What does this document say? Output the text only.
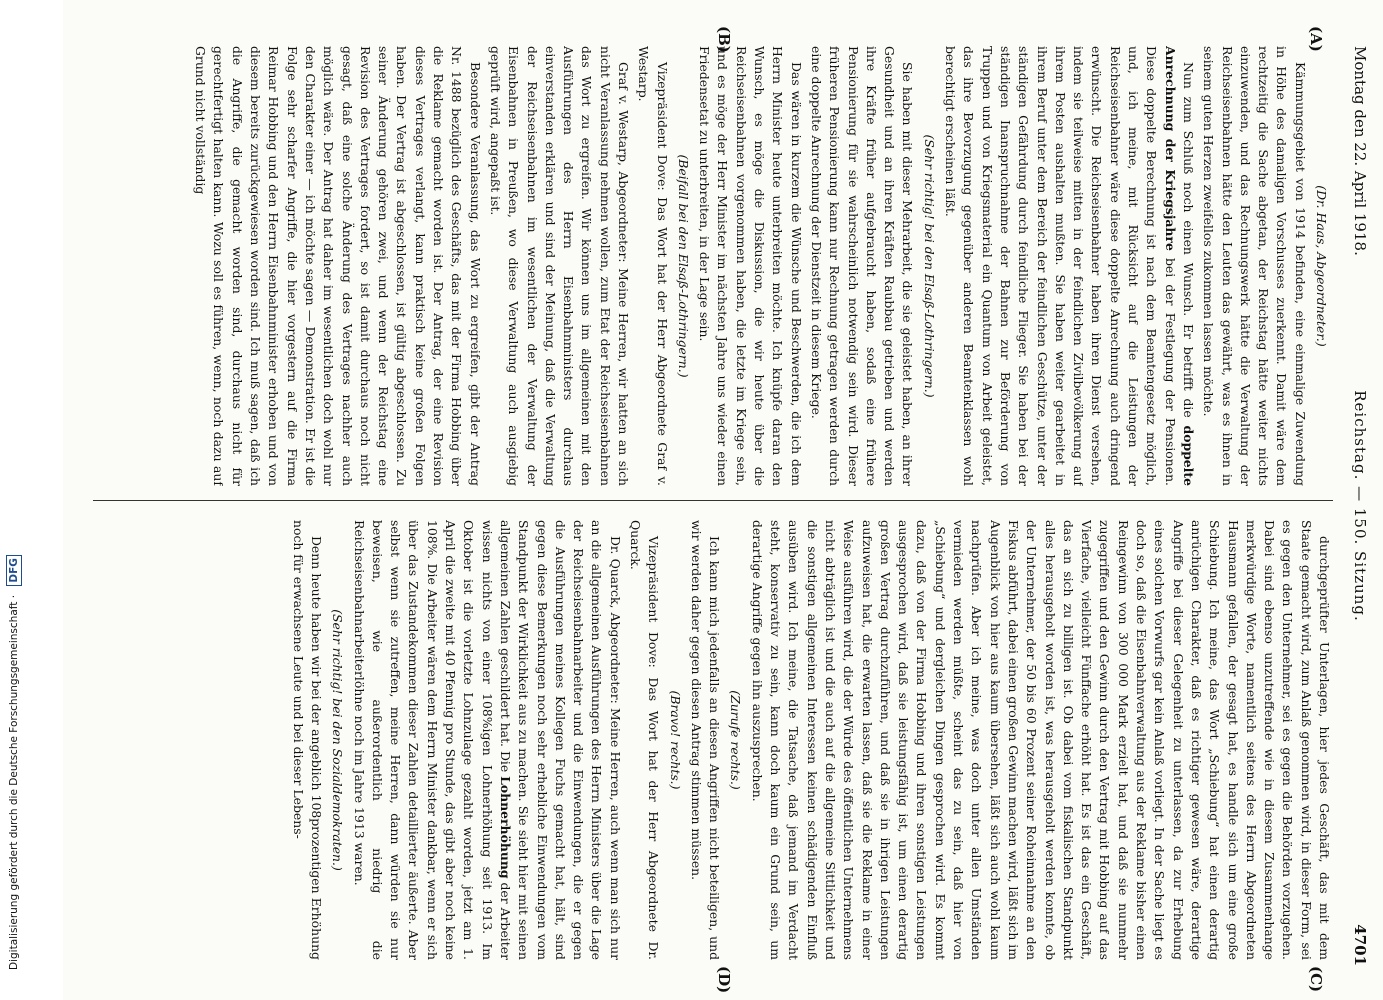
Montag den 22. April 1918.
Reichstag. — 150. Sitzung.
4701
(A)
(B)
(C)
(D)

(Dr. Haas, Abgeordneter.)

Kämmungsgebiet von 1914 befinden, eine einmalige Zuwendung in Höhe des damaligen Vorschusses zuerkennt. Damit wäre dem rechtzeitig die Sache abgetan, der Reichstag hätte weiter nichts einzuwenden, und das Rechnungswerk hätte die Verwaltung der Reichseisenbahnen hätte den Leuten das gewährt, was es ihnen in seinem guten Herzen zweifellos zukommen lassen möchte.

Nun zum Schluß noch einen Wunsch. Er betrifft die doppelte Anrechnung der Kriegsjahre bei der Festlegung der Pensionen. Diese doppelte Berechnung ist nach dem Beamtengesetz möglich, und, ich meine, mit Rücksicht auf die Leistungen der Reichseisenbahner wäre diese doppelte Anrechnung auch dringend erwünscht. Die Reichseisenbahner haben ihren Dienst versehen, indem sie teilweise mitten in der feindlichen Zivilbevölkerung auf ihrem Posten aushalten mußten. Sie haben weiter gearbeitet in ihrem Beruf unter dem Bereich der feindlichen Geschütze, unter der ständigen Gefährdung durch feindliche Flieger. Sie haben bei der ständigen Inanspruchnahme der Bahnen zur Beförderung von Truppen und von Kriegsmaterial ein Quantum von Arbeit geleistet, das ihre Bevorzugung gegenüber anderen Beamtenklassen wohl berechtigt erscheinen läßt.

(Sehr richtig! bei den Elsaß-Lothringern.)

Sie haben mit dieser Mehrarbeit, die sie geleistet haben, an ihrer Gesundheit und an ihren Kräften Raubbau getrieben und werden ihre Kräfte früher aufgebraucht haben, sodaß eine frühere Pensionierung für sie wahrscheinlich notwendig sein wird. Dieser früheren Pensionierung kann nur Rechnung getragen werden durch eine doppelte Anrechnung der Dienstzeit in diesem Kriege.

Das wären in kurzem die Wünsche und Beschwerden, die ich dem Herrn Minister heute unterbreiten möchte. Ich knüpfe daran den Wunsch, es möge die Diskussion, die wir heute über die Reichseisenbahnen vorgenommen haben, die letzte im Kriege sein, und es möge der Herr Minister im nächsten Jahre uns wieder einen Friedensetat zu unterbreiten, in der Lage sein.

(Beifall bei den Elsaß-Lothringern.)

Vizepräsident Dove: Das Wort hat der Herr Abgeordnete Graf v. Westarp.

Graf v. Westarp, Abgeordneter: Meine Herren, wir hatten an sich nicht Veranlassung nehmen wollen, zum Etat der Reichseisenbahnen das Wort zu ergreifen. Wir können uns im allgemeinen mit den Ausführungen des Herrn Eisenbahnministers durchaus einverstanden erklären und sind der Meinung, daß die Verwaltung der Reichseisenbahnen im wesentlichen der Verwaltung der Eisenbahnen in Preußen, wo diese Verwaltung auch ausgiebig geprüft wird, angepaßt ist.

Besondere Veranlassung, das Wort zu ergreifen, gibt der Antrag Nr. 1488 bezüglich des Geschäfts, das mit der Firma Hobbing über die Reklame gemacht worden ist. Der Antrag, der eine Revision dieses Vertrages verlangt, kann praktisch keine großen Folgen haben. Der Vertrag ist abgeschlossen, ist gültig abgeschlossen. Zu seiner Änderung gehören zwei, und wenn der Reichstag eine Revision des Vertrages fordert, so ist damit durchaus noch nicht gesagt, daß eine solche Änderung des Vertrages nachher auch möglich wäre. Der Antrag hat daher im wesentlichen doch wohl nur den Charakter einer — ich möchte sagen — Demonstration. Er ist die Folge sehr scharfer Angriffe, die hier vorgestern auf die Firma Reimar Hobbing und den Herrn Eisenbahnminister erhoben und von diesem bereits zurückgewiesen worden sind. Ich muß sagen, daß ich die Angriffe, die gemacht worden sind, durchaus nicht für gerechtfertigt halten kann. Wozu soll es führen, wenn, noch dazu auf Grund nicht vollständig

durchgeprüfter Unterlagen, hier jedes Geschäft, das mit dem Staate gemacht wird, zum Anlaß genommen wird, in dieser Form, sei es gegen den Unternehmer, sei es gegen die Behörden vorzugehen. Dabei sind ebenso unzutreffende wie in diesem Zusammenhange merkwürdige Worte, namentlich seitens des Herrn Abgeordneten Hausmann gefallen, der gesagt hat, es handle sich um eine große Schiebung. Ich meine, das Wort „Schiebung“ hat einen derartig anrüchigen Charakter, daß es richtiger gewesen wäre, derartige Angriffe bei dieser Gelegenheit zu unterlassen, da zur Erhebung eines solchen Vorwurfs gar kein Anlaß vorliegt. In der Sache liegt es doch so, daß die Eisenbahnverwaltung aus der Reklame bisher einen Reingewinn von 300 000 Mark erzielt hat, und daß sie nunmehr zugegriffen und den Gewinn durch den Vertrag mit Hobbing auf das Vierfache, vielleicht Fünffache erhöht hat. Es ist das ein Geschäft, das an sich zu billigen ist. Ob dabei vom fiskalischen Standpunkt alles herausgeholt worden ist, was herausgeholt werden konnte, ob der Unternehmer, der 50 bis 60 Prozent seiner Roheinnahme an den Fiskus abführt, dabei einen großen Gewinn machen wird, läßt sich im Augenblick von hier aus kaum übersehen, läßt sich auch wohl kaum nachprüfen. Aber ich meine, was doch unter allen Umständen vermieden werden müßte, scheint das zu sein, daß hier von „Schiebung“ und dergleichen Dingen gesprochen wird. Es kommt dazu, daß von der Firma Hobbing und ihren sonstigen Leistungen ausgesprochen wird, daß sie leistungsfähig ist, um einen derartig großen Vertrag durchzuführen, und daß sie in ihrigen Leistungen aufzuweisen hat, die erwarten lassen, daß sie die Reklame in einer Weise ausführen wird, die der Würde des öffentlichen Unternehmens nicht abträglich ist und die auch auf die allgemeine Sittlichkeit und die sonstigen allgemeinen Interessen keinen schädigenden Einfluß ausüben wird. Ich meine, die Tatsache, daß jemand im Verdacht steht, konservativ zu sein, kann doch kaum ein Grund sein, um derartige Angriffe gegen ihn auszusprechen.

(Zurufe rechts.)

Ich kann mich jedenfalls an diesen Angriffen nicht beteiligen, und wir werden daher gegen diesen Antrag stimmen müssen.

(Bravo! rechts.)

Vizepräsident Dove: Das Wort hat der Herr Abgeordnete Dr. Quarck.

Dr. Quarck, Abgeordneter: Meine Herren, auch wenn man sich nur an die allgemeinen Ausführungen des Herrn Ministers über die Lage der Reichseisenbahnarbeiter und die Einwendungen, die er gegen die Ausführungen meines Kollegen Fuchs gemacht hat, hält, sind gegen diese Bemerkungen noch sehr erhebliche Einwendungen vom Standpunkt der Wirklichkeit aus zu machen. Sie sieht hier mit seinen allgemeinen Zahlen geschildert hat. Die Lohnerhöhung der Arbeiter wissen nichts von einer 108%igen Lohnerhöhung seit 1913. Im Oktober ist die vorletzte Lohnzulage gezahlt worden, jetzt am 1. April die zweite mit 40 Pfennig pro Stunde, das gibt aber noch keine 108%. Die Arbeiter wären dem Herrn Minister dankbar, wenn er sich über das Zustandekommen dieser Zahlen detaillierter äußerte. Aber selbst wenn sie zutreffen, meine Herren, dann würden sie nur beweisen, wie außerordentlich niedrig die Reichseisenbahnarbeiterlöhne noch im Jahre 1913 waren.

(Sehr richtig! bei den Sozialdemokraten.)

Denn heute haben wir bei der angeblich 108prozentigen Erhöhung noch für erwachsene Leute und bei dieser Lebens-

Digitalisierung gefördert durch die Deutsche Forschungsgemeinschaft · DFG
